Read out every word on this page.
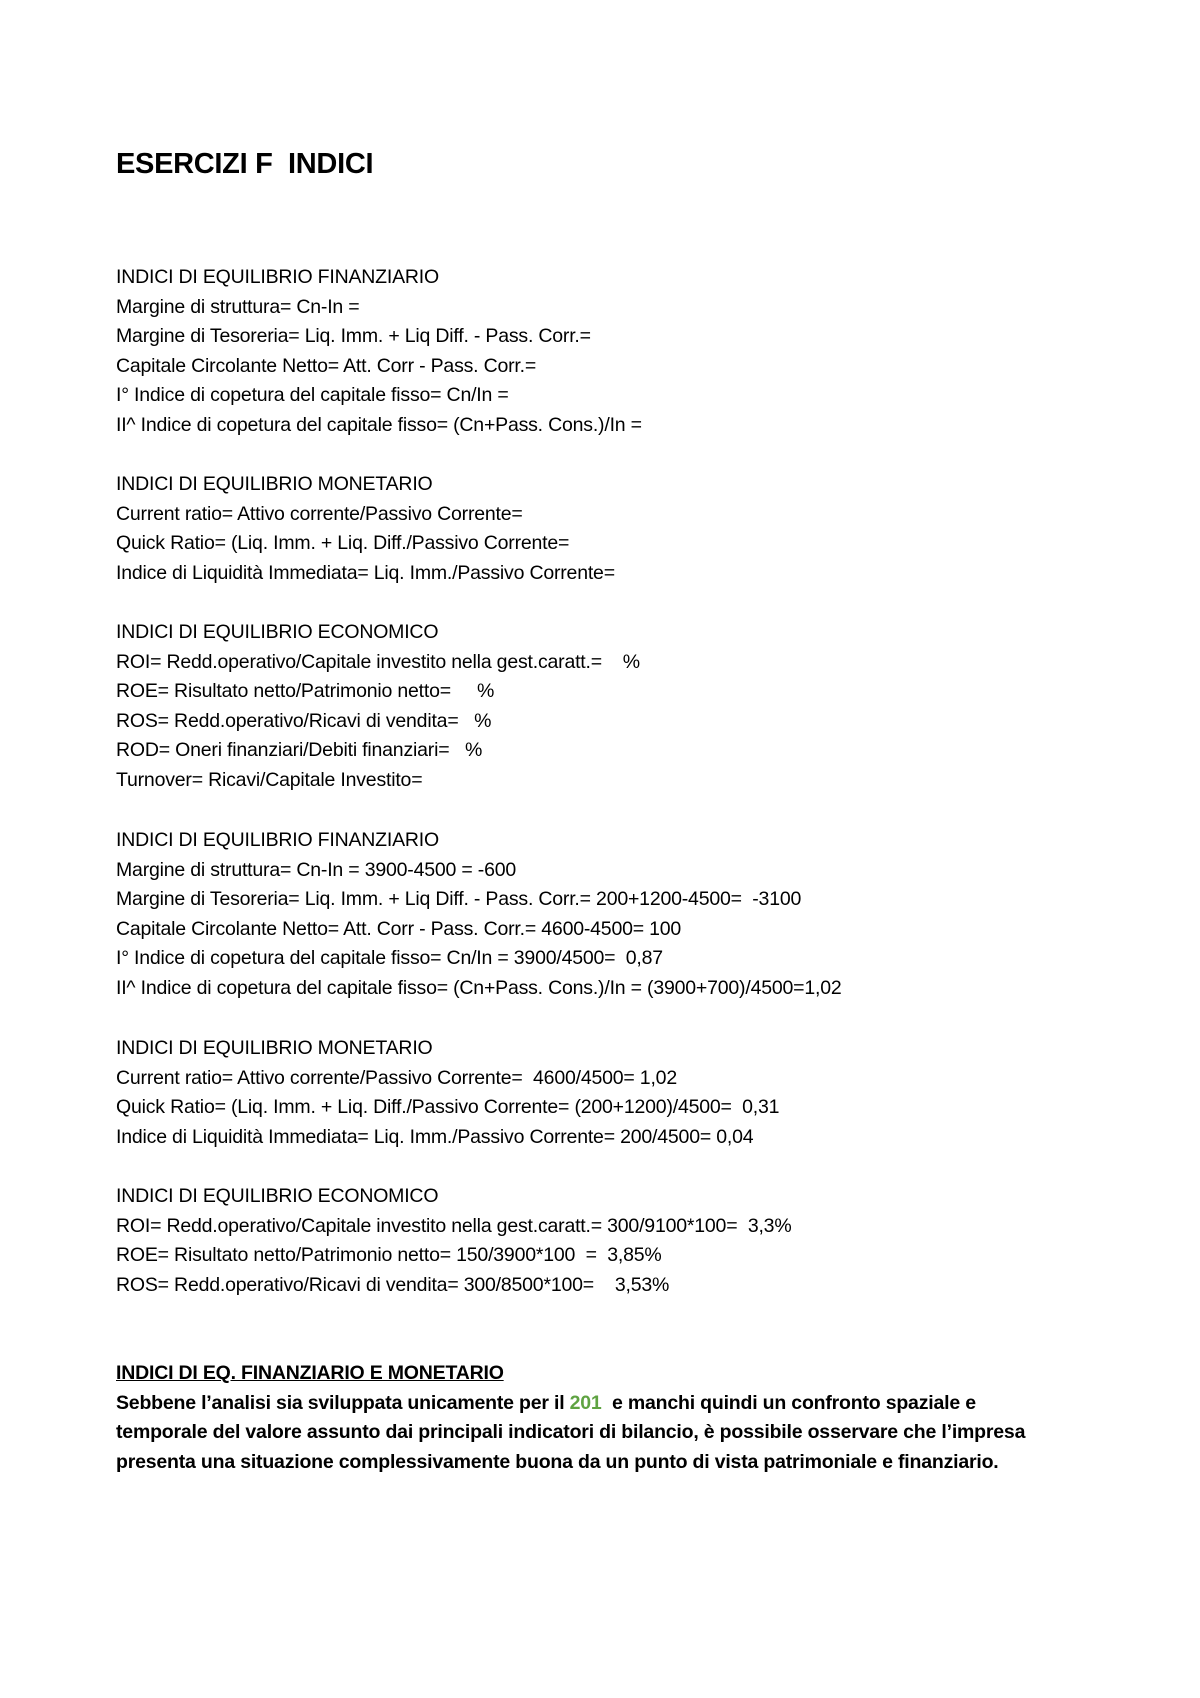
ESERCIZI F  INDICI
INDICI DI EQUILIBRIO FINANZIARIO
Margine di struttura= Cn-In =
Margine di Tesoreria= Liq. Imm. + Liq Diff. - Pass. Corr.=
Capitale Circolante Netto= Att. Corr - Pass. Corr.=
I° Indice di copetura del capitale fisso= Cn/In =
II^ Indice di copetura del capitale fisso= (Cn+Pass. Cons.)/In =
INDICI DI EQUILIBRIO MONETARIO
Current ratio= Attivo corrente/Passivo Corrente=
Quick Ratio= (Liq. Imm. + Liq. Diff./Passivo Corrente=
Indice di Liquidità Immediata= Liq. Imm./Passivo Corrente=
INDICI DI EQUILIBRIO ECONOMICO
ROI= Redd.operativo/Capitale investito nella gest.caratt.=    %
ROE= Risultato netto/Patrimonio netto=     %
ROS= Redd.operativo/Ricavi di vendita=   %
ROD= Oneri finanziari/Debiti finanziari=   %
Turnover= Ricavi/Capitale Investito=
INDICI DI EQUILIBRIO FINANZIARIO
Margine di struttura= Cn-In = 3900-4500 = -600
Margine di Tesoreria= Liq. Imm. + Liq Diff. - Pass. Corr.= 200+1200-4500=  -3100
Capitale Circolante Netto= Att. Corr - Pass. Corr.= 4600-4500= 100
I° Indice di copetura del capitale fisso= Cn/In = 3900/4500=  0,87
II^ Indice di copetura del capitale fisso= (Cn+Pass. Cons.)/In = (3900+700)/4500=1,02
INDICI DI EQUILIBRIO MONETARIO
Current ratio= Attivo corrente/Passivo Corrente=  4600/4500= 1,02
Quick Ratio= (Liq. Imm. + Liq. Diff./Passivo Corrente= (200+1200)/4500=  0,31
Indice di Liquidità Immediata= Liq. Imm./Passivo Corrente= 200/4500= 0,04
INDICI DI EQUILIBRIO ECONOMICO
ROI= Redd.operativo/Capitale investito nella gest.caratt.= 300/9100*100=  3,3%
ROE= Risultato netto/Patrimonio netto= 150/3900*100  =  3,85%
ROS= Redd.operativo/Ricavi di vendita= 300/8500*100=    3,53%
INDICI DI EQ. FINANZIARIO E MONETARIO
Sebbene l’analisi sia sviluppata unicamente per il 201  e manchi quindi un confronto spaziale e
temporale del valore assunto dai principali indicatori di bilancio, è possibile osservare che l’impresa
presenta una situazione complessivamente buona da un punto di vista patrimoniale e finanziario.
